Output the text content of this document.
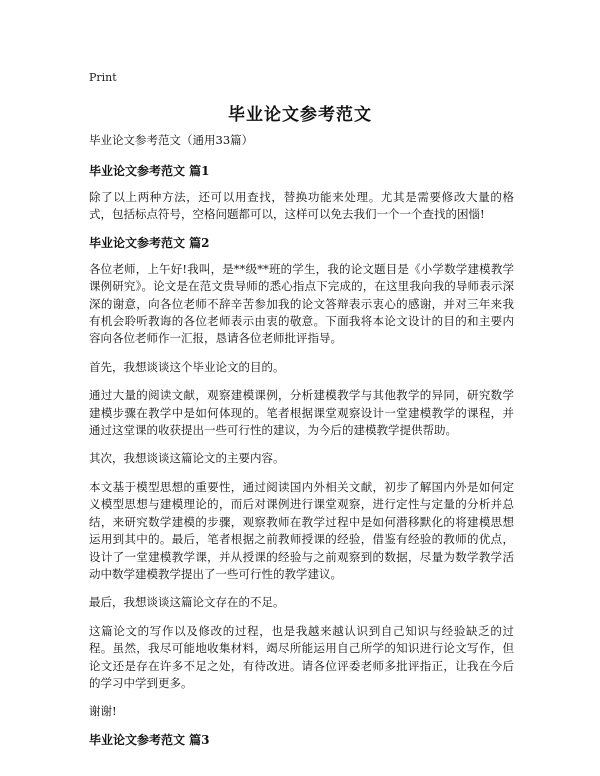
Print
毕业论文参考范文

毕业论文参考范文（通用33篇）

毕业论文参考范文 篇1

除了以上两种方法，还可以用查找，替换功能来处理。尤其是需要修改大量的格式，包括标点符号，空格问题都可以，这样可以免去我们一个一个查找的困惱!

毕业论文参考范文 篇2

各位老师，上午好!我叫，是**级**班的学生，我的论文题目是《小学数学建模教学课例研究》。论文是在范文贵导师的悉心指点下完成的，在这里我向我的导师表示深深的谢意，向各位老师不辞辛苦参加我的论文答辩表示衷心的感谢，并对三年来我有机会聆听教诲的各位老师表示由衷的敬意。下面我将本论文设计的目的和主要内容向各位老师作一汇报，恳请各位老师批评指导。

首先，我想谈谈这个毕业论文的目的。

通过大量的阅读文献，观察建模课例，分析建模教学与其他教学的异同，研究数学建模步骤在教学中是如何体现的。笔者根据课堂观察设计一堂建模教学的课程，并通过这堂课的收获提出一些可行性的建议，为今后的建模教学提供帮助。

其次，我想谈谈这篇论文的主要内容。

本文基于模型思想的重要性，通过阅读国内外相关文献，初步了解国内外是如何定义模型思想与建模理论的，而后对课例进行课堂观察，进行定性与定量的分析并总结，来研究数学建模的步骤，观察教师在教学过程中是如何潜移默化的将建模思想运用到其中的。最后，笔者根据之前教师授课的经验，借鉴有经验的教师的优点，设计了一堂建模教学课，并从授课的经验与之前观察到的数据，尽量为数学教学活动中数学建模教学提出了一些可行性的教学建议。

最后，我想谈谈这篇论文存在的不足。

这篇论文的写作以及修改的过程，也是我越来越认识到自己知识与经验缺乏的过程。虽然，我尽可能地收集材料，竭尽所能运用自己所学的知识进行论文写作，但论文还是存在许多不足之处，有待改进。请各位评委老师多批评指正，让我在今后的学习中学到更多。

谢谢!

毕业论文参考范文 篇3
